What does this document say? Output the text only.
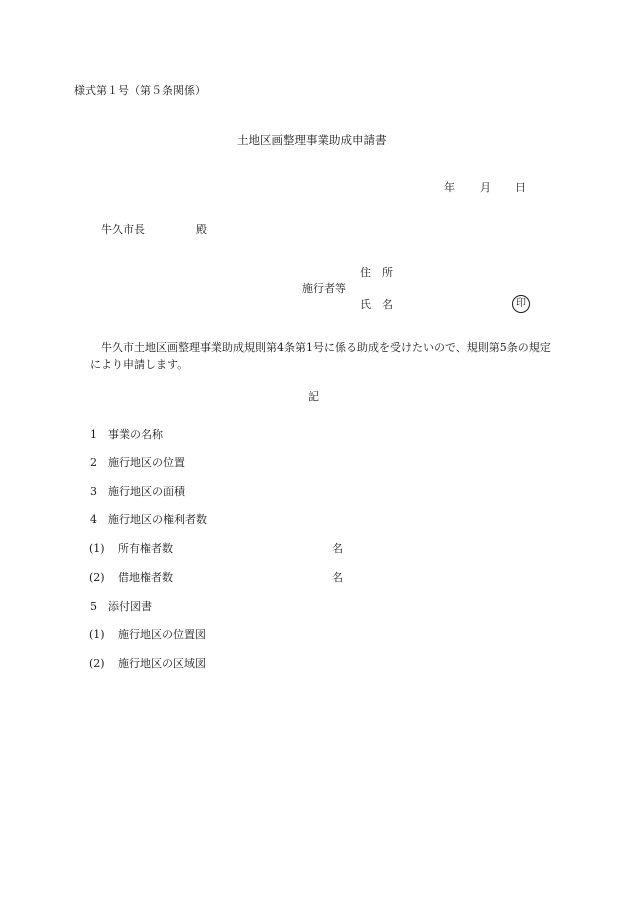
様式第１号（第５条関係）
土地区画整理事業助成申請書
年 月 日
牛久市長	殿
住　所
施行者等
氏　名	印
牛久市土地区画整理事業助成規則第4条第1号に係る助成を受けたいので、規則第5条の規定により申請します。
記
1 事業の名称
2 施行地区の位置
3 施行地区の面積
4 施行地区の権利者数
(1) 所有権者数	名
(2) 借地権者数	名
5 添付図書
(1) 施行地区の位置図
(2) 施行地区の区域図
